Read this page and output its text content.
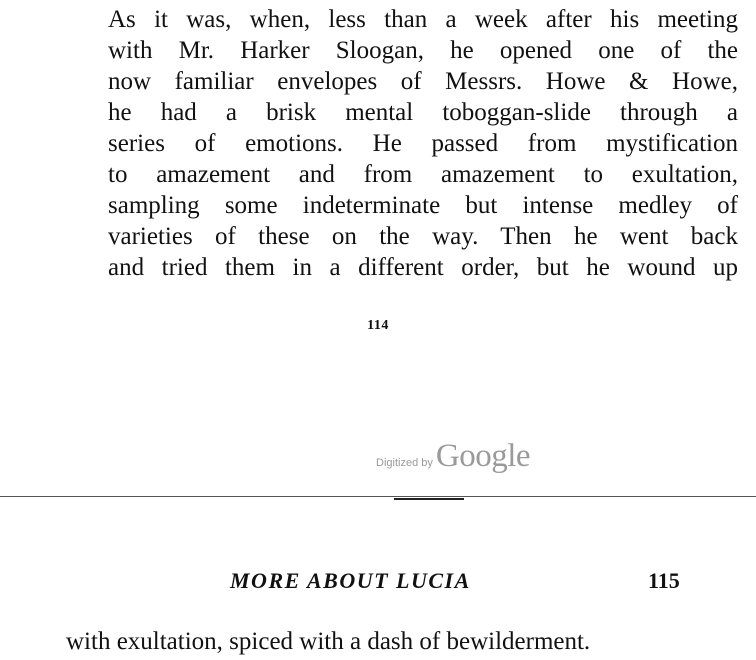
As it was, when, less than a week after his meeting
with Mr. Harker Sloogan, he opened one of the
now familiar envelopes of Messrs. Howe & Howe,
he had a brisk mental toboggan-slide through a
series of emotions. He passed from mystification
to amazement and from amazement to exultation,
sampling some indeterminate but intense medley of
varieties of these on the way. Then he went back
and tried them in a different order, but he wound up
114
Digitized byGoogle
MORE ABOUT LUCIA	115
with exultation, spiced with a dash of bewilderment.
